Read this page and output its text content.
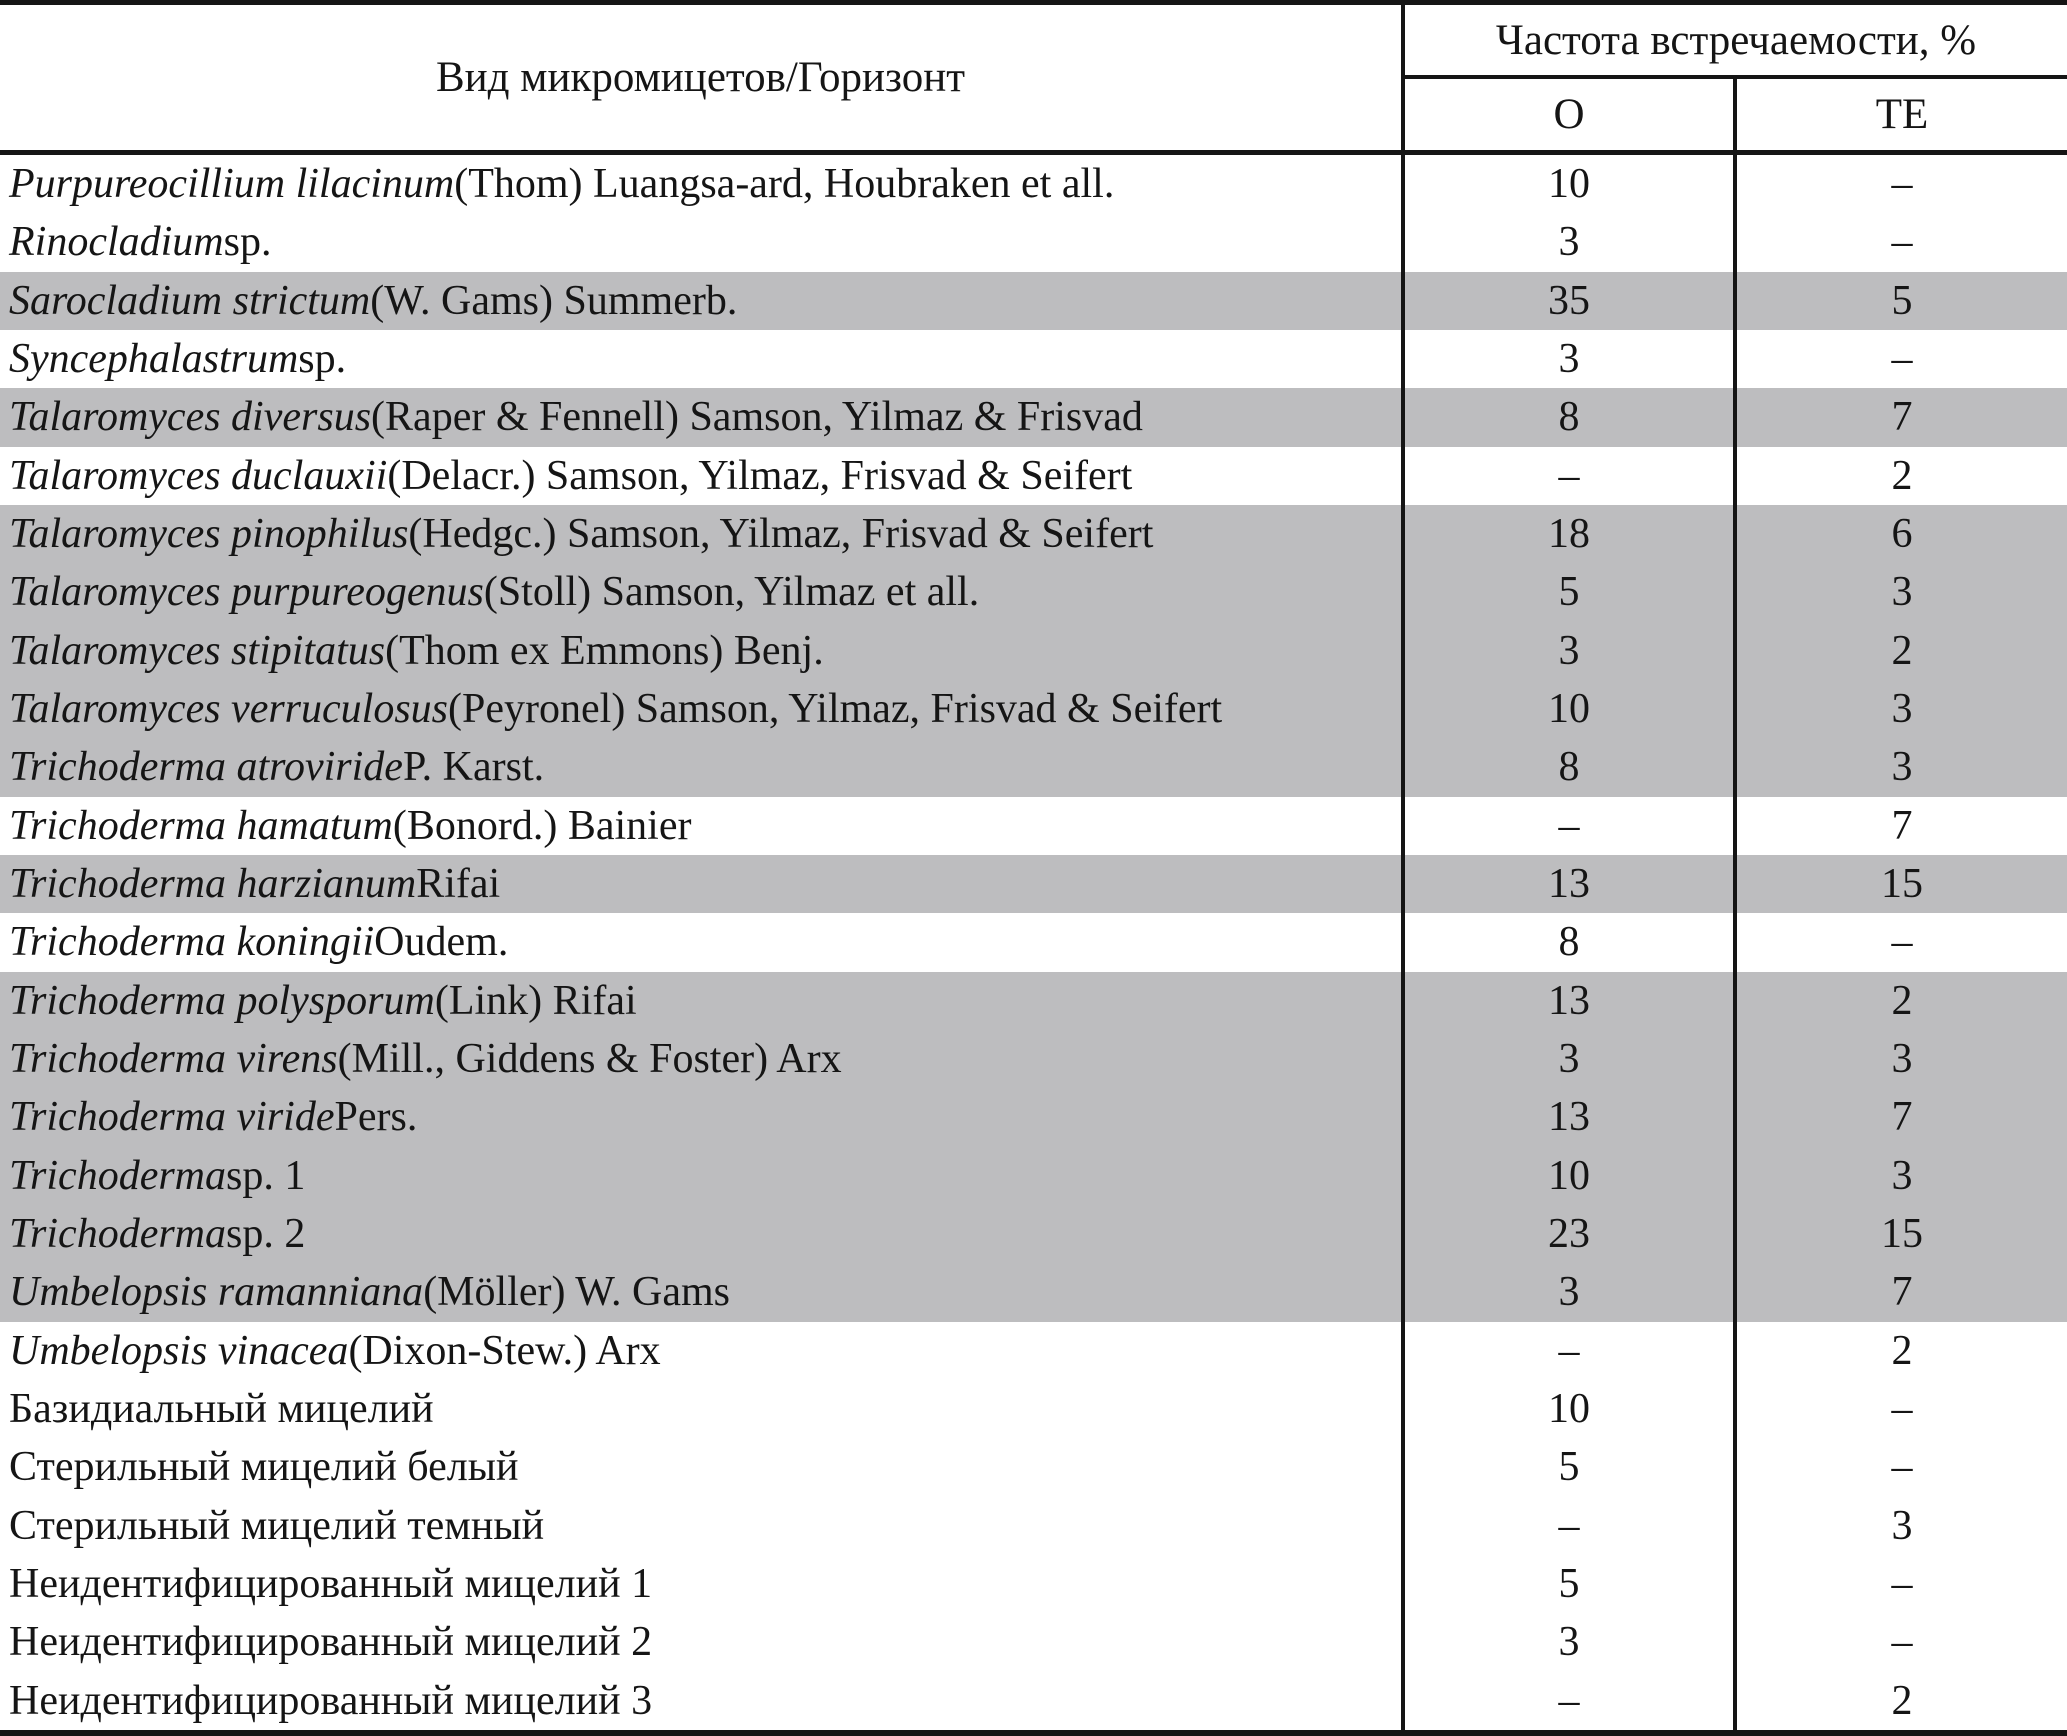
Вид микромицетов/Горизонт
Частота встречаемости, %
О	ТЕ
Purpureocillium lilacinum (Thom) Luangsa-ard, Houbraken et all.	10	–
Rinocladium sp.	3	–
Sarocladium strictum (W. Gams) Summerb.	35	5
Syncephalastrum sp.	3	–
Talaromyces diversus (Raper & Fennell) Samson, Yilmaz & Frisvad	8	7
Talaromyces duclauxii (Delacr.) Samson, Yilmaz, Frisvad & Seifert	–	2
Talaromyces pinophilus (Hedgc.) Samson, Yilmaz, Frisvad & Seifert	18	6
Talaromyces purpureogenus (Stoll) Samson, Yilmaz et all.	5	3
Talaromyces stipitatus (Thom ex Emmons) Benj.	3	2
Talaromyces verruculosus (Peyronel) Samson, Yilmaz, Frisvad & Seifert	10	3
Trichoderma atroviride P. Karst.	8	3
Trichoderma hamatum (Bonord.) Bainier	–	7
Trichoderma harzianum Rifai	13	15
Trichoderma koningii Oudem.	8	–
Trichoderma polysporum (Link) Rifai	13	2
Trichoderma virens (Mill., Giddens & Foster) Arx	3	3
Trichoderma viride Pers.	13	7
Trichoderma sp. 1	10	3
Trichoderma sp. 2	23	15
Umbelopsis ramanniana (Möller) W. Gams	3	7
Umbelopsis vinacea (Dixon-Stew.) Arx	–	2
Базидиальный мицелий	10	–
Стерильный мицелий белый	5	–
Стерильный мицелий темный	–	3
Неидентифицированный мицелий 1	5	–
Неидентифицированный мицелий 2	3	–
Неидентифицированный мицелий 3	–	2
